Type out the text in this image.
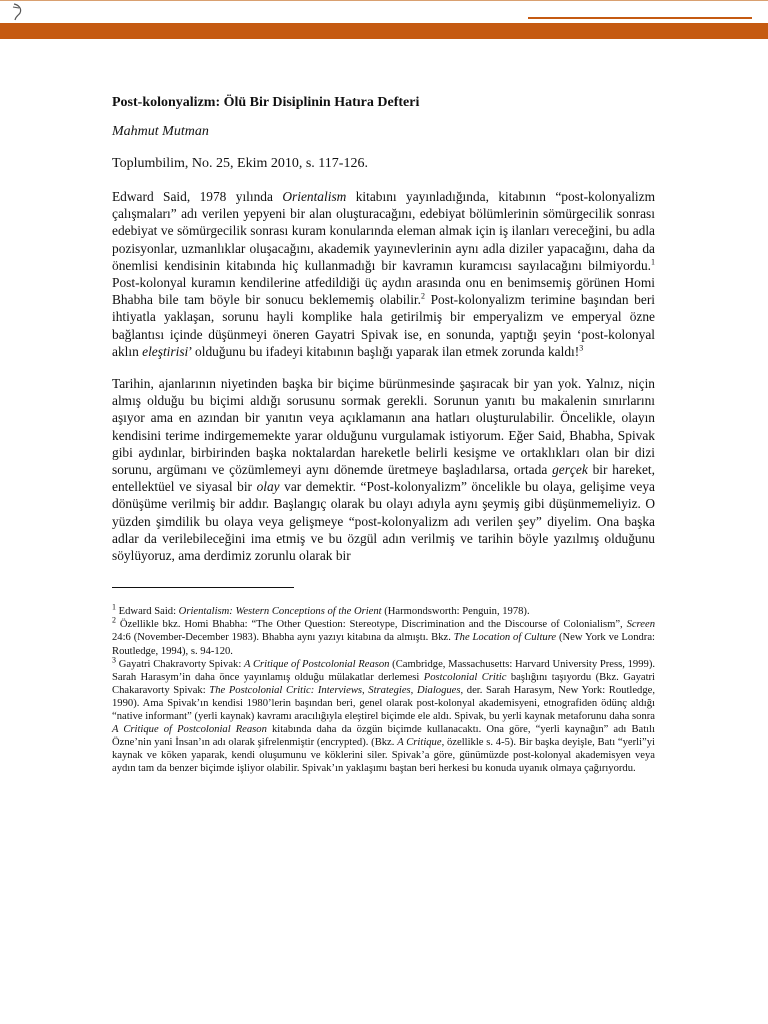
Post-kolonyalizm: Ölü Bir Disiplinin Hatıra Defteri

Mahmut Mutman

Toplumbilim, No. 25, Ekim 2010, s. 117-126.

Edward Said, 1978 yılında Orientalism kitabını yayınladığında, kitabının “post-kolonyalizm çalışmaları” adı verilen yepyeni bir alan oluşturacağını, edebiyat bölümlerinin sömürgecilik sonrası edebiyat ve sömürgecilik sonrası kuram konularında eleman almak için iş ilanları vereceğini, bu adla pozisyonlar, uzmanlıklar oluşacağını, akademik yayınevlerinin aynı adla diziler yapacağını, daha da önemlisi kendisinin kitabında hiç kullanmadığı bir kavramın kuramcısı sayılacağını bilmiyordu.$^1$ Post-kolonyal kuramın kendilerine atfedildiği üç aydın arasında onu en benimsemiş görünen Homi Bhabha bile tam böyle bir sonucu beklememiş olabilir.$^2$ Post-kolonyalizm terimine başından beri ihtiyatla yaklaşan, sorunu hayli komplike hala getirilmiş bir emperyalizm ve emperyal özne bağlantısı içinde düşünmeyi öneren Gayatri Spivak ise, en sonunda, yaptığı şeyin ‘post-kolonyal aklın eleştirisi’ olduğunu bu ifadeyi kitabının başlığı yaparak ilan etmek zorunda kaldı!$^3$

Tarihin, ajanlarının niyetinden başka bir biçime bürünmesinde şaşıracak bir yan yok. Yalnız, niçin almış olduğu bu biçimi aldığı sorusunu sormak gerekli. Sorunun yanıtı bu makalenin sınırlarını aşıyor ama en azından bir yanıtın veya açıklamanın ana hatları oluşturulabilir. Öncelikle, olayın kendisini terime indirgememekte yarar olduğunu vurgulamak istiyorum. Eğer Said, Bhabha, Spivak gibi aydınlar, birbirinden başka noktalardan hareketle belirli kesişme ve ortaklıkları olan bir dizi sorunu, argümanı ve çözümlemeyi aynı dönemde üretmeye başladılarsa, ortada gerçek bir hareket, entellektüel ve siyasal bir olay var demektir. “Post-kolonyalizm” öncelikle bu olaya, gelişime veya dönüşüme verilmiş bir addır. Başlangıç olarak bu olayı adıyla aynı şeymiş gibi düşünmemeliyiz. O yüzden şimdilik bu olaya veya gelişmeye “post-kolonyalizm adı verilen şey” diyelim. Ona başka adlar da verilebileceğini ima etmiş ve bu özgül adın verilmiş ve tarihin böyle yazılmış olduğunu söylüyoruz, ama derdimiz zorunlu olarak bir

$^1$ Edward Said: Orientalism: Western Conceptions of the Orient (Harmondsworth: Penguin, 1978).

$^2$ Özellikle bkz. Homi Bhabha: “The Other Question: Stereotype, Discrimination and the Discourse of Colonialism”, Screen 24:6 (November-December 1983). Bhabha aynı yazıyı kitabına da almıştı. Bkz. The Location of Culture (New York ve Londra: Routledge, 1994), s. 94-120.

$^3$ Gayatri Chakravorty Spivak: A Critique of Postcolonial Reason (Cambridge, Massachusetts: Harvard University Press, 1999). Sarah Harasym’in daha önce yayınlamış olduğu mülakatlar derlemesi Postcolonial Critic başlığını taşıyordu (Bkz. Gayatri Chakaravorty Spivak: The Postcolonial Critic: Interviews, Strategies, Dialogues, der. Sarah Harasym, New York: Routledge, 1990). Ama Spivak’ın kendisi 1980’lerin başından beri, genel olarak post-kolonyal akademisyeni, etnografiden ödünç aldığı “native informant” (yerli kaynak) kavramı aracılığıyla eleştirel biçimde ele aldı. Spivak, bu yerli kaynak metaforunu daha sonra A Critique of Postcolonial Reason kitabında daha da özgün biçimde kullanacaktı. Ona göre, “yerli kaynağın” adı Batılı Özne’nin yani İnsan’ın adı olarak şifrelenmiştir (encrypted). (Bkz. A Critique, özellikle s. 4-5). Bir başka deyişle, Batı “yerli”yi kaynak ve köken yaparak, kendi oluşumunu ve köklerini siler. Spivak’a göre, günümüzde post-kolonyal akademisyen veya aydın tam da benzer biçimde işliyor olabilir. Spivak’ın yaklaşımı baştan beri herkesi bu konuda uyanık olmaya çağırıyordu.
